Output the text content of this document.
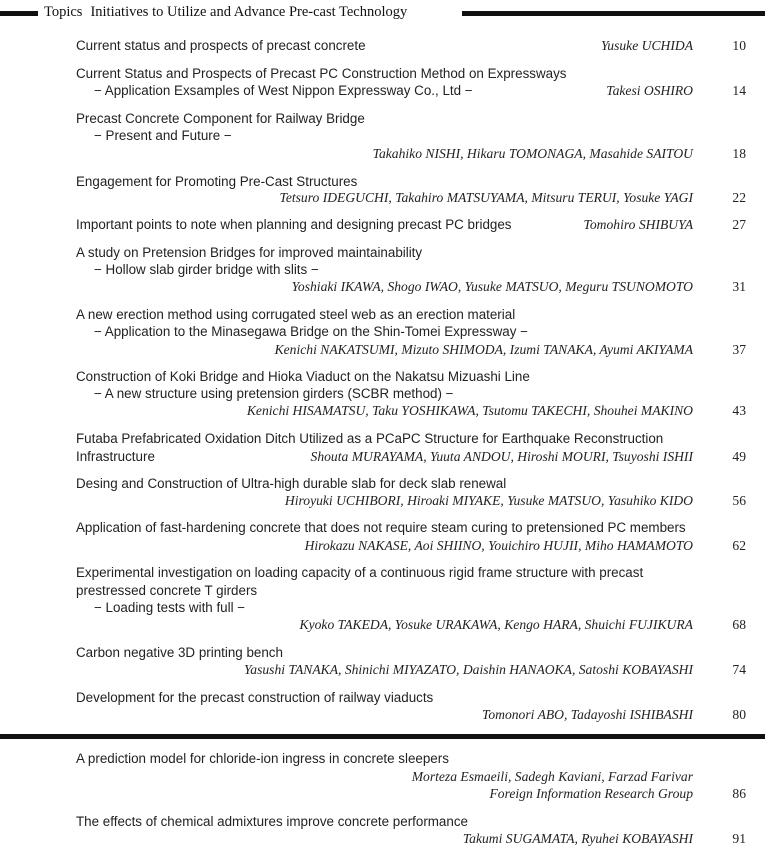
Topics Initiatives to Utilize and Advance Pre-cast Technology
Current status and prospects of precast concrete	Yusuke UCHIDA	10
Current Status and Prospects of Precast PC Construction Method on Expressways
− Application Exsamples of West Nippon Expressway Co., Ltd −	Takesi OSHIRO	14
Precast Concrete Component for Railway Bridge
− Present and Future −
Takahiko NISHI, Hikaru TOMONAGA, Masahide SAITOU	18
Engagement for Promoting Pre-Cast Structures
Tetsuro IDEGUCHI, Takahiro MATSUYAMA, Mitsuru TERUI, Yosuke YAGI	22
Important points to note when planning and designing precast PC bridges	Tomohiro SHIBUYA	27
A study on Pretension Bridges for improved maintainability
− Hollow slab girder bridge with slits −
Yoshiaki IKAWA, Shogo IWAO, Yusuke MATSUO, Meguru TSUNOMOTO	31
A new erection method using corrugated steel web as an erection material
− Application to the Minasegawa Bridge on the Shin-Tomei Expressway −
Kenichi NAKATSUMI, Mizuto SHIMODA, Izumi TANAKA, Ayumi AKIYAMA	37
Construction of Koki Bridge and Hioka Viaduct on the Nakatsu Mizuashi Line
− A new structure using pretension girders (SCBR method) −
Kenichi HISAMATSU, Taku YOSHIKAWA, Tsutomu TAKECHI, Shouhei MAKINO	43
Futaba Prefabricated Oxidation Ditch Utilized as a PCaPC Structure for Earthquake Reconstruction
Infrastructure	Shouta MURAYAMA, Yuuta ANDOU, Hiroshi MOURI, Tsuyoshi ISHII	49
Desing and Construction of Ultra-high durable slab for deck slab renewal
Hiroyuki UCHIBORI, Hiroaki MIYAKE, Yusuke MATSUO, Yasuhiko KIDO	56
Application of fast-hardening concrete that does not require steam curing to pretensioned PC members
Hirokazu NAKASE, Aoi SHIINO, Youichiro HUJII, Miho HAMAMOTO	62
Experimental investigation on loading capacity of a continuous rigid frame structure with precast
prestressed concrete T girders
− Loading tests with full −
Kyoko TAKEDA, Yosuke URAKAWA, Kengo HARA, Shuichi FUJIKURA	68
Carbon negative 3D printing bench
Yasushi TANAKA, Shinichi MIYAZATO, Daishin HANAOKA, Satoshi KOBAYASHI	74
Development for the precast construction of railway viaducts
Tomonori ABO, Tadayoshi ISHIBASHI	80
A prediction model for chloride-ion ingress in concrete sleepers
Morteza Esmaeili, Sadegh Kaviani, Farzad Farivar
Foreign Information Research Group	86
The effects of chemical admixtures improve concrete performance
Takumi SUGAMATA, Ryuhei KOBAYASHI	91
